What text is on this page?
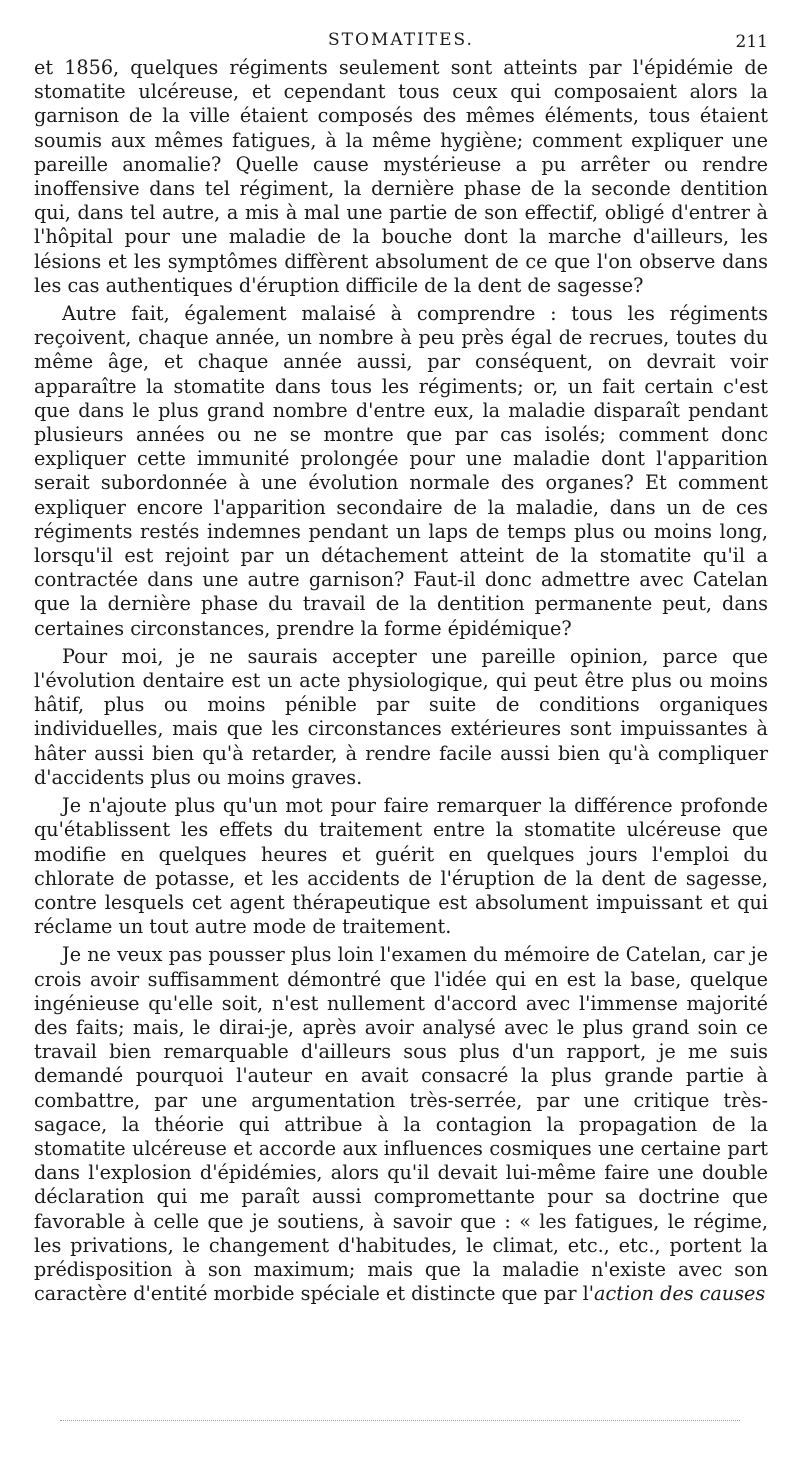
STOMATITES.	211

et 1856, quelques régiments seulement sont atteints par l'épidémie de stomatite ulcéreuse, et cependant tous ceux qui composaient alors la garnison de la ville étaient composés des mêmes éléments, tous étaient soumis aux mêmes fatigues, à la même hygiène; comment expliquer une pareille anomalie? Quelle cause mystérieuse a pu arrêter ou rendre inoffensive dans tel régiment, la dernière phase de la seconde dentition qui, dans tel autre, a mis à mal une partie de son effectif, obligé d'entrer à l'hôpital pour une maladie de la bouche dont la marche d'ailleurs, les lésions et les symptômes diffèrent absolument de ce que l'on observe dans les cas authentiques d'éruption difficile de la dent de sagesse?

Autre fait, également malaisé à comprendre : tous les régiments reçoivent, chaque année, un nombre à peu près égal de recrues, toutes du même âge, et chaque année aussi, par conséquent, on devrait voir apparaître la stomatite dans tous les régiments; or, un fait certain c'est que dans le plus grand nombre d'entre eux, la maladie disparaît pendant plusieurs années ou ne se montre que par cas isolés; comment donc expliquer cette immunité prolongée pour une maladie dont l'apparition serait subordonnée à une évolution normale des organes? Et comment expliquer encore l'apparition secondaire de la maladie, dans un de ces régiments restés indemnes pendant un laps de temps plus ou moins long, lorsqu'il est rejoint par un détachement atteint de la stomatite qu'il a contractée dans une autre garnison? Faut-il donc admettre avec Catelan que la dernière phase du travail de la dentition permanente peut, dans certaines circonstances, prendre la forme épidémique?

Pour moi, je ne saurais accepter une pareille opinion, parce que l'évolution dentaire est un acte physiologique, qui peut être plus ou moins hâtif, plus ou moins pénible par suite de conditions organiques individuelles, mais que les circonstances extérieures sont impuissantes à hâter aussi bien qu'à retarder, à rendre facile aussi bien qu'à compliquer d'accidents plus ou moins graves.

Je n'ajoute plus qu'un mot pour faire remarquer la différence profonde qu'établissent les effets du traitement entre la stomatite ulcéreuse que modifie en quelques heures et guérit en quelques jours l'emploi du chlorate de potasse, et les accidents de l'éruption de la dent de sagesse, contre lesquels cet agent thérapeutique est absolument impuissant et qui réclame un tout autre mode de traitement.

Je ne veux pas pousser plus loin l'examen du mémoire de Catelan, car je crois avoir suffisamment démontré que l'idée qui en est la base, quelque ingénieuse qu'elle soit, n'est nullement d'accord avec l'immense majorité des faits; mais, le dirai-je, après avoir analysé avec le plus grand soin ce travail bien remarquable d'ailleurs sous plus d'un rapport, je me suis demandé pourquoi l'auteur en avait consacré la plus grande partie à combattre, par une argumentation très-serrée, par une critique très-sagace, la théorie qui attribue à la contagion la propagation de la stomatite ulcéreuse et accorde aux influences cosmiques une certaine part dans l'explosion d'épidémies, alors qu'il devait lui-même faire une double déclaration qui me paraît aussi compromettante pour sa doctrine que favorable à celle que je soutiens, à savoir que : « les fatigues, le régime, les privations, le changement d'habitudes, le climat, etc., etc., portent la prédisposition à son maximum; mais que la maladie n'existe avec son caractère d'entité morbide spéciale et distincte que par l'action des causes
